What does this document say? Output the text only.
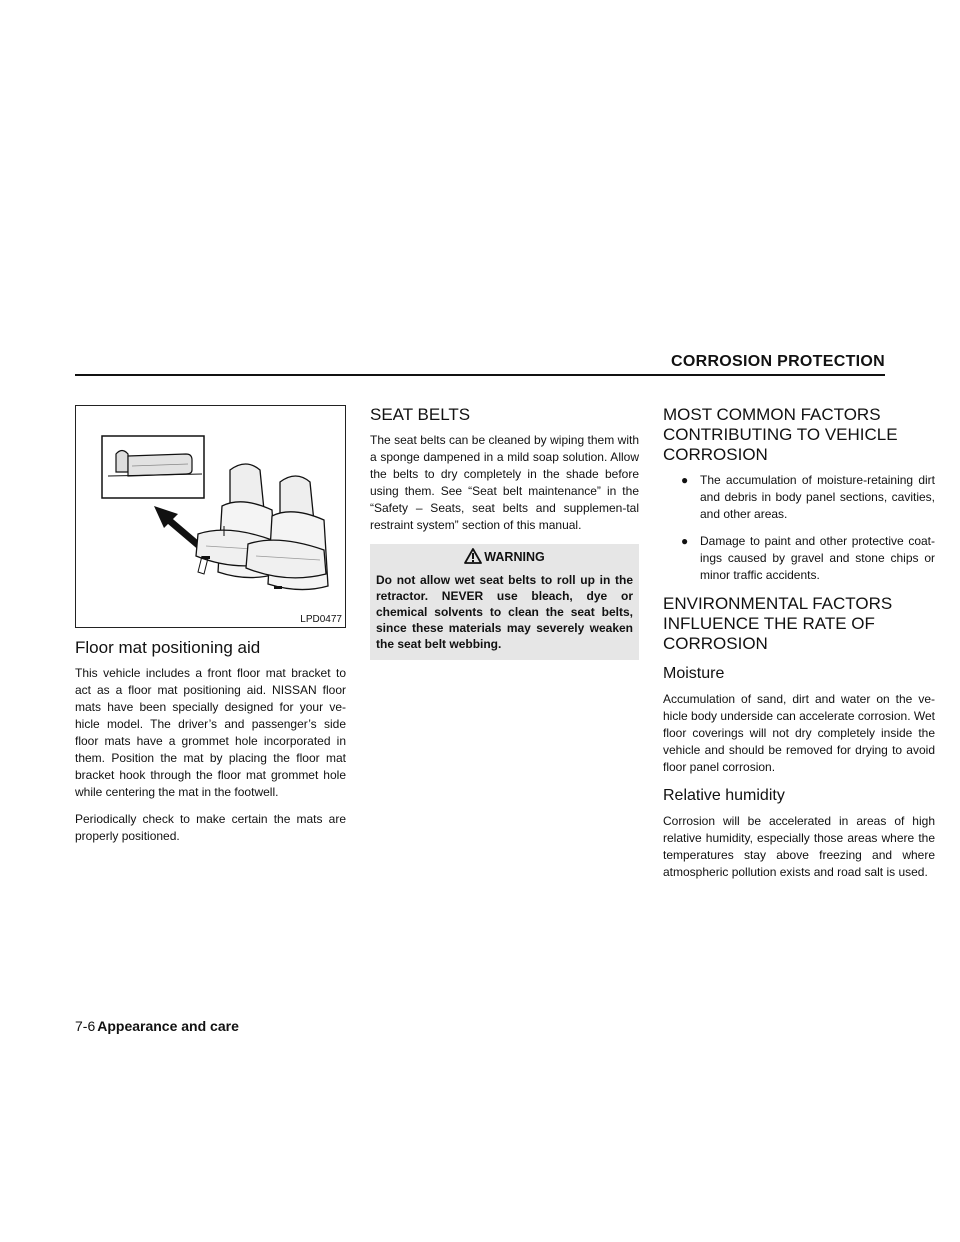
CORROSION PROTECTION
LPD0477
Floor mat positioning aid

This vehicle includes a front floor mat bracket to act as a floor mat positioning aid. NISSAN floor mats have been specially designed for your ve-hicle model. The driver’s and passenger’s side floor mats have a grommet hole incorporated in them. Position the mat by placing the floor mat bracket hook through the floor mat grommet hole while centering the mat in the footwell.

Periodically check to make certain the mats are properly positioned.

SEAT BELTS

The seat belts can be cleaned by wiping them with a sponge dampened in a mild soap solution. Allow the belts to dry completely in the shade before using them. See “Seat belt maintenance” in the “Safety – Seats, seat belts and supplemen-tal restraint system” section of this manual.

WARNING
Do not allow wet seat belts to roll up in the retractor. NEVER use bleach, dye or chemical solvents to clean the seat belts, since these materials may severely weaken the seat belt webbing.
MOST COMMON FACTORS CONTRIBUTING TO VEHICLE CORROSION
● The accumulation of moisture-retaining dirt and debris in body panel sections, cavities, and other areas.
● Damage to paint and other protective coat-ings caused by gravel and stone chips or minor traffic accidents.
ENVIRONMENTAL FACTORS INFLUENCE THE RATE OF CORROSION
Moisture

Accumulation of sand, dirt and water on the ve-hicle body underside can accelerate corrosion. Wet floor coverings will not dry completely inside the vehicle and should be removed for drying to avoid floor panel corrosion.

Relative humidity

Corrosion will be accelerated in areas of high relative humidity, especially those areas where the temperatures stay above freezing and where atmospheric pollution exists and road salt is used.

7-6 Appearance and care
